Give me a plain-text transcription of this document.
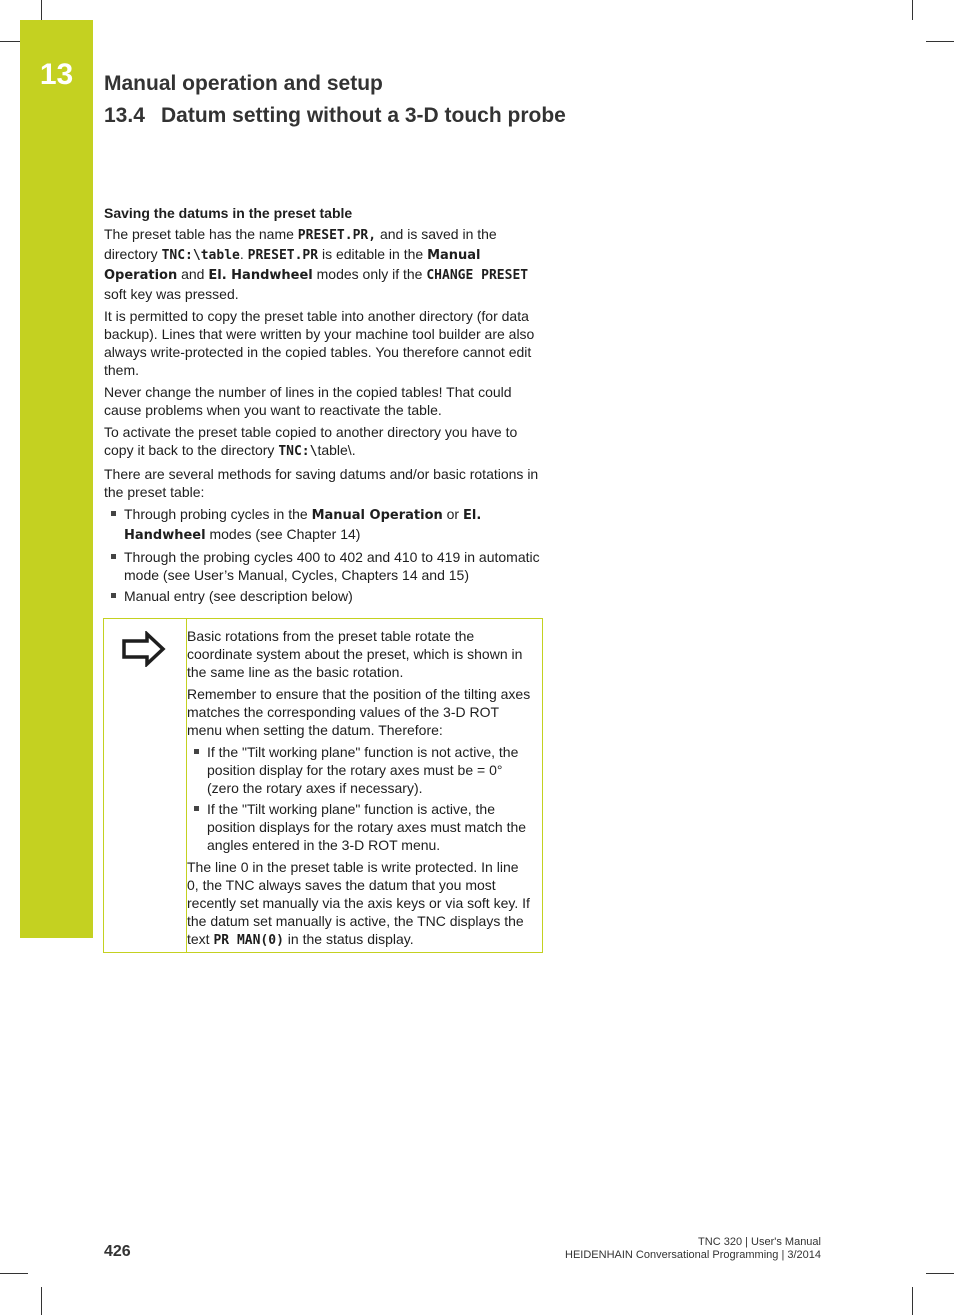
13	Manual operation and setup
13.4 Datum setting without a 3-D touch probe
Saving the datums in the preset table

The preset table has the name PRESET.PR, and is saved in the directory TNC:\table. PRESET.PR is editable in the Manual Operation and El. Handwheel modes only if the CHANGE PRESET soft key was pressed.

It is permitted to copy the preset table into another directory (for data backup). Lines that were written by your machine tool builder are also always write-protected in the copied tables. You therefore cannot edit them.

Never change the number of lines in the copied tables! That could cause problems when you want to reactivate the table.

To activate the preset table copied to another directory you have to copy it back to the directory TNC:\table\.

There are several methods for saving datums and/or basic rotations in the preset table:

Through probing cycles in the Manual Operation or El. Handwheel modes (see Chapter 14)
Through the probing cycles 400 to 402 and 410 to 419 in automatic mode (see User’s Manual, Cycles, Chapters 14 and 15)
Manual entry (see description below)

Basic rotations from the preset table rotate the coordinate system about the preset, which is shown in the same line as the basic rotation.

Remember to ensure that the position of the tilting axes matches the corresponding values of the 3-D ROT menu when setting the datum. Therefore:

If the "Tilt working plane" function is not active, the position display for the rotary axes must be = 0° (zero the rotary axes if necessary).
If the "Tilt working plane" function is active, the position displays for the rotary axes must match the angles entered in the 3-D ROT menu.

The line 0 in the preset table is write protected. In line 0, the TNC always saves the datum that you most recently set manually via the axis keys or via soft key. If the datum set manually is active, the TNC displays the text PR MAN(0) in the status display.

426
TNC 320 | User's Manual
HEIDENHAIN Conversational Programming | 3/2014
